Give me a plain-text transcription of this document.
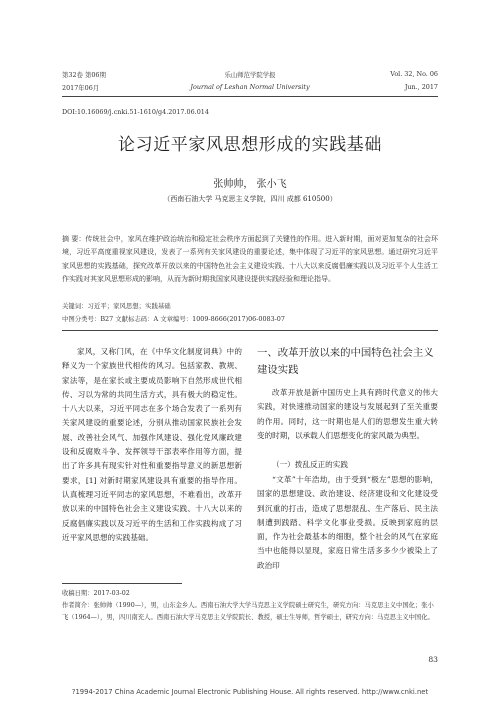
第32卷 第06期
2017年06月
乐山师范学院学报
Journal of Leshan Normal University
Vol. 32, No. 06
Jun., 2017
DOI:10.16069/j.cnki.51-1610/g4.2017.06.014
论习近平家风思想形成的实践基础
张帅帅， 张小飞
（西南石油大学 马克思主义学院，四川 成都 610500）
摘 要：传统社会中，家风在维护政治统治和稳定社会秩序方面起到了关键性的作用。进入新时期，面对更加复杂的社会环境，习近平高度重视家风建设，发表了一系列有关家风建设的重要论述，集中体现了习近平的家风思想。通过研究习近平家风思想的实践基础，探究改革开放以来的中国特色社会主义建设实践、十八大以来反腐倡廉实践以及习近平个人生活工作实践对其家风思想形成的影响，从而为新时期我国家风建设提供实践经验和理论指导。
关键词：习近平；家风思想；实践基础
中图分类号：B27 文献标志码：A 文章编号：1009-8666(2017)06-0083-07
家风，又称门风，在《中华文化制度词典》中的释义为一个家族世代相传的风习。包括家教、教规、家法等，是在家长或主要成员影响下自然形成世代相传、习以为常的共同生活方式，具有极大的稳定性。十八大以来，习近平同志在多个场合发表了一系列有关家风建设的重要论述，分别从推动国家民族社会发展、改善社会风气、加强作风建设、强化党风廉政建设和反腐败斗争、发挥领导干部表率作用等方面，提出了许多具有现实针对性和重要指导意义的新思想新要求，[1] 对新时期家风建设具有重要的指导作用。认真梳理习近平同志的家风思想，不难看出，改革开放以来的中国特色社会主义建设实践、十八大以来的反腐倡廉实践以及习近平的生活和工作实践构成了习近平家风思想的实践基础。
一、改革开放以来的中国特色社会主义建设实践
改革开放是新中国历史上具有跨时代意义的伟大实践，对快速推动国家的建设与发展起到了至关重要的作用。同时，这一时期也是人们的思想发生重大转变的时期，以承载人们思想变化的家风最为典型。
（一）拨乱反正的实践
“文革”十年浩劫，由于受到“极左”思想的影响，国家的思想建设、政治建设、经济建设和文化建设受到沉重的打击，造成了思想混乱、生产落后、民主法制遭到践踏、科学文化事业受损。反映到家庭的层面，作为社会最基本的细胞，整个社会的风气在家庭当中也能得以显现，家庭日常生活多多少少被染上了政治印
收稿日期：2017-03-02
作者简介：张帅帅（1990—），男，山东金乡人。西南石油大学大学马克思主义学院硕士研究生，研究方向：马克思主义中国化；张小飞（1964—），男，四川南充人。西南石油大学马克思主义学院院长、教授，硕士生导师，哲学硕士，研究方向：马克思主义中国化。
83
?1994-2017 China Academic Journal Electronic Publishing House. All rights reserved. http://www.cnki.net
